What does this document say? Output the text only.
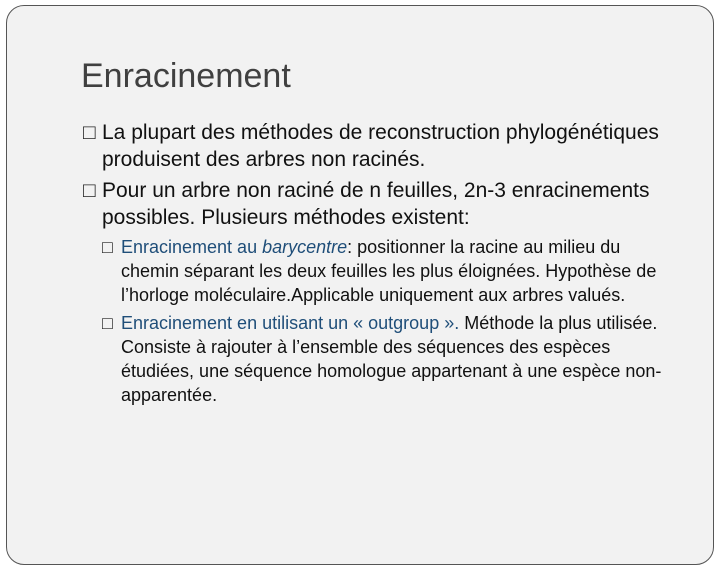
Enracinement
□ La plupart des méthodes de reconstruction phylogénétiques produisent des arbres non racinés.
□ Pour un arbre non raciné de n feuilles, 2n-3 enracinements possibles. Plusieurs méthodes existent:
□ Enracinement au barycentre: positionner la racine au milieu du chemin séparant les deux feuilles les plus éloignées. Hypothèse de l’horloge moléculaire.Applicable uniquement aux arbres valués.
□ Enracinement en utilisant un « outgroup ». Méthode la plus utilisée. Consiste à rajouter à l’ensemble des séquences des espèces étudiées, une séquence homologue appartenant à une espèce non-apparentée.
